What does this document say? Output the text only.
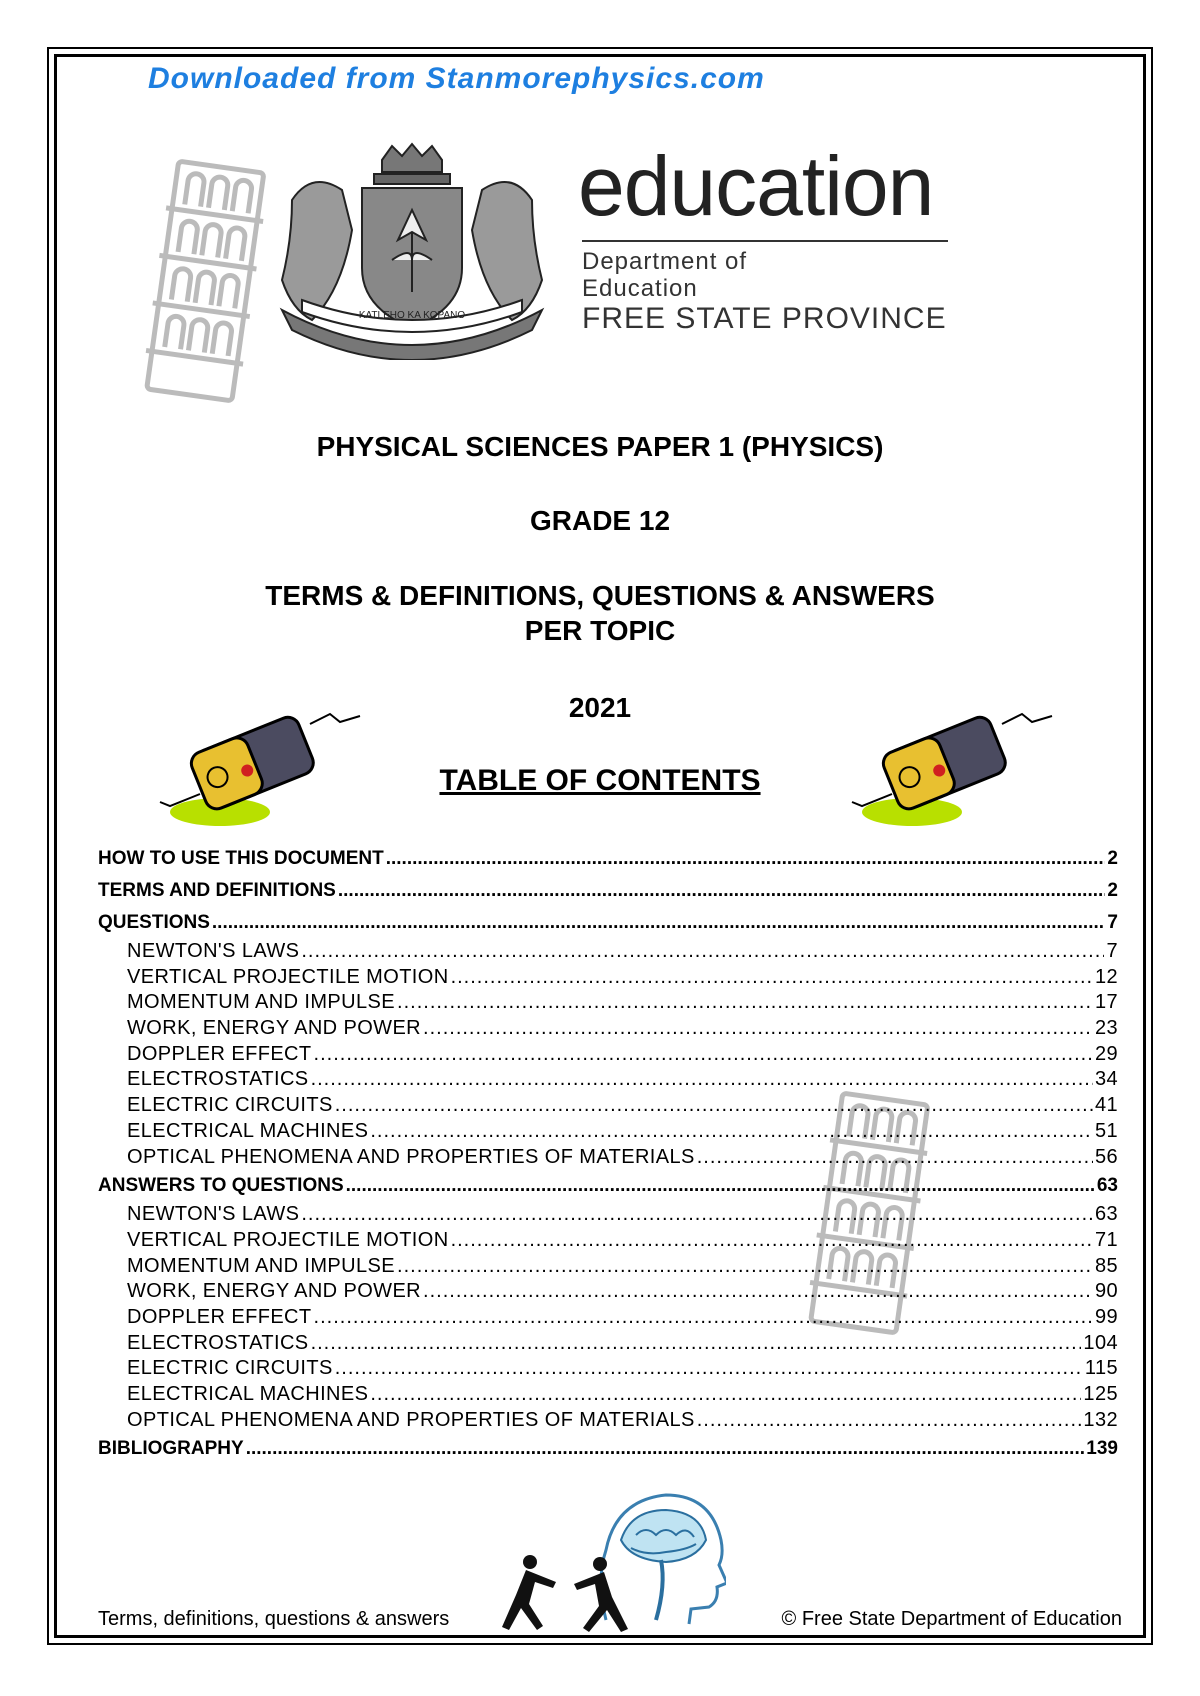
Downloaded from Stanmorephysics.com
KATLEHO KA KOPANO
education
Department of
Education
FREE STATE PROVINCE
PHYSICAL SCIENCES PAPER 1 (PHYSICS)
GRADE 12
TERMS & DEFINITIONS, QUESTIONS & ANSWERS
PER TOPIC
2021
TABLE OF CONTENTS
HOW TO USE THIS DOCUMENT .....	2
TERMS AND DEFINITIONS .....	2
QUESTIONS .....	7
NEWTON'S LAWS .....	7
VERTICAL PROJECTILE MOTION .....	12
MOMENTUM AND IMPULSE .....	17
WORK, ENERGY AND POWER .....	23
DOPPLER EFFECT .....	29
ELECTROSTATICS .....	34
ELECTRIC CIRCUITS .....	41
ELECTRICAL MACHINES .....	51
OPTICAL PHENOMENA AND PROPERTIES OF MATERIALS .....	56
ANSWERS TO QUESTIONS .....	63
NEWTON'S LAWS .....	63
VERTICAL PROJECTILE MOTION .....	71
MOMENTUM AND IMPULSE .....	85
WORK, ENERGY AND POWER .....	90
DOPPLER EFFECT .....	99
ELECTROSTATICS .....	104
ELECTRIC CIRCUITS .....	115
ELECTRICAL MACHINES .....	125
OPTICAL PHENOMENA AND PROPERTIES OF MATERIALS .....	132
BIBLIOGRAPHY .....	139
Terms, definitions, questions & answers	© Free State Department of Education
